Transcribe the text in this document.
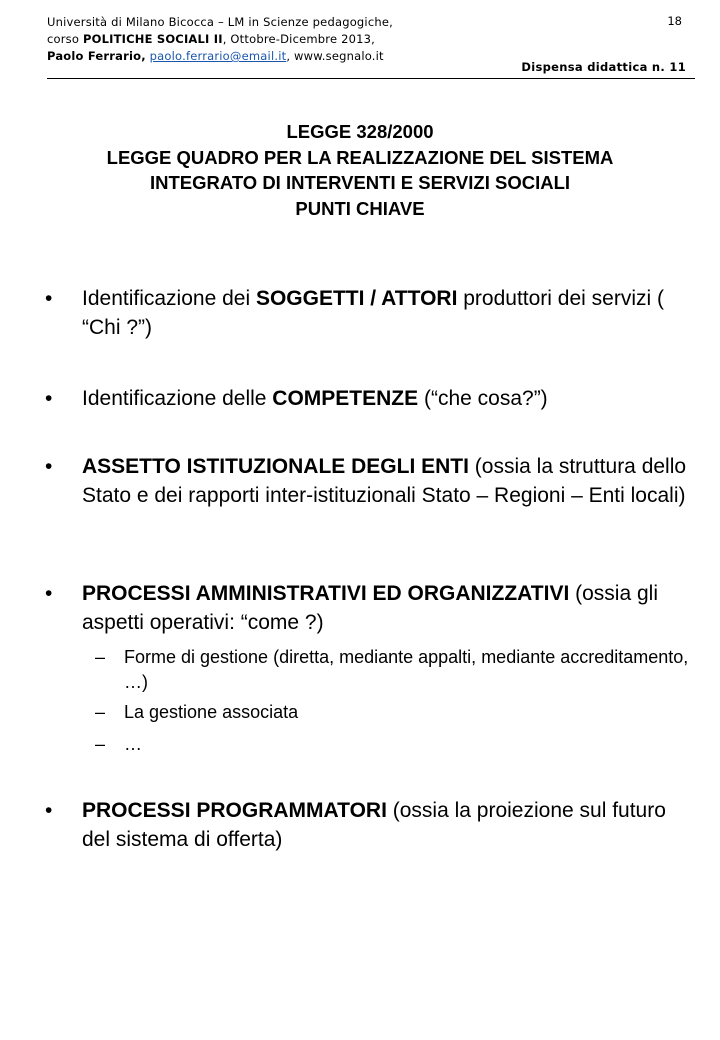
Università di Milano Bicocca – LM in Scienze pedagogiche,
corso POLITICHE SOCIALI II, Ottobre-Dicembre 2013,
Paolo Ferrario, paolo.ferrario@email.it, www.segnalo.it
18
Dispensa didattica n. 11
LEGGE 328/2000
LEGGE QUADRO PER LA REALIZZAZIONE DEL SISTEMA
INTEGRATO DI INTERVENTI E SERVIZI SOCIALI
PUNTI CHIAVE
•	Identificazione dei SOGGETTI / ATTORI produttori dei servizi ( “Chi ?”)
•	Identificazione delle COMPETENZE (“che cosa?”)
•	ASSETTO ISTITUZIONALE DEGLI ENTI (ossia la struttura dello Stato e dei rapporti inter-istituzionali Stato – Regioni – Enti locali)
•	PROCESSI AMMINISTRATIVI ED ORGANIZZATIVI (ossia gli aspetti operativi: “come ?)
– Forme di gestione (diretta, mediante appalti, mediante accreditamento, …)
– La gestione associata
– …
•	PROCESSI PROGRAMMATORI (ossia la proiezione sul futuro del sistema di offerta)
